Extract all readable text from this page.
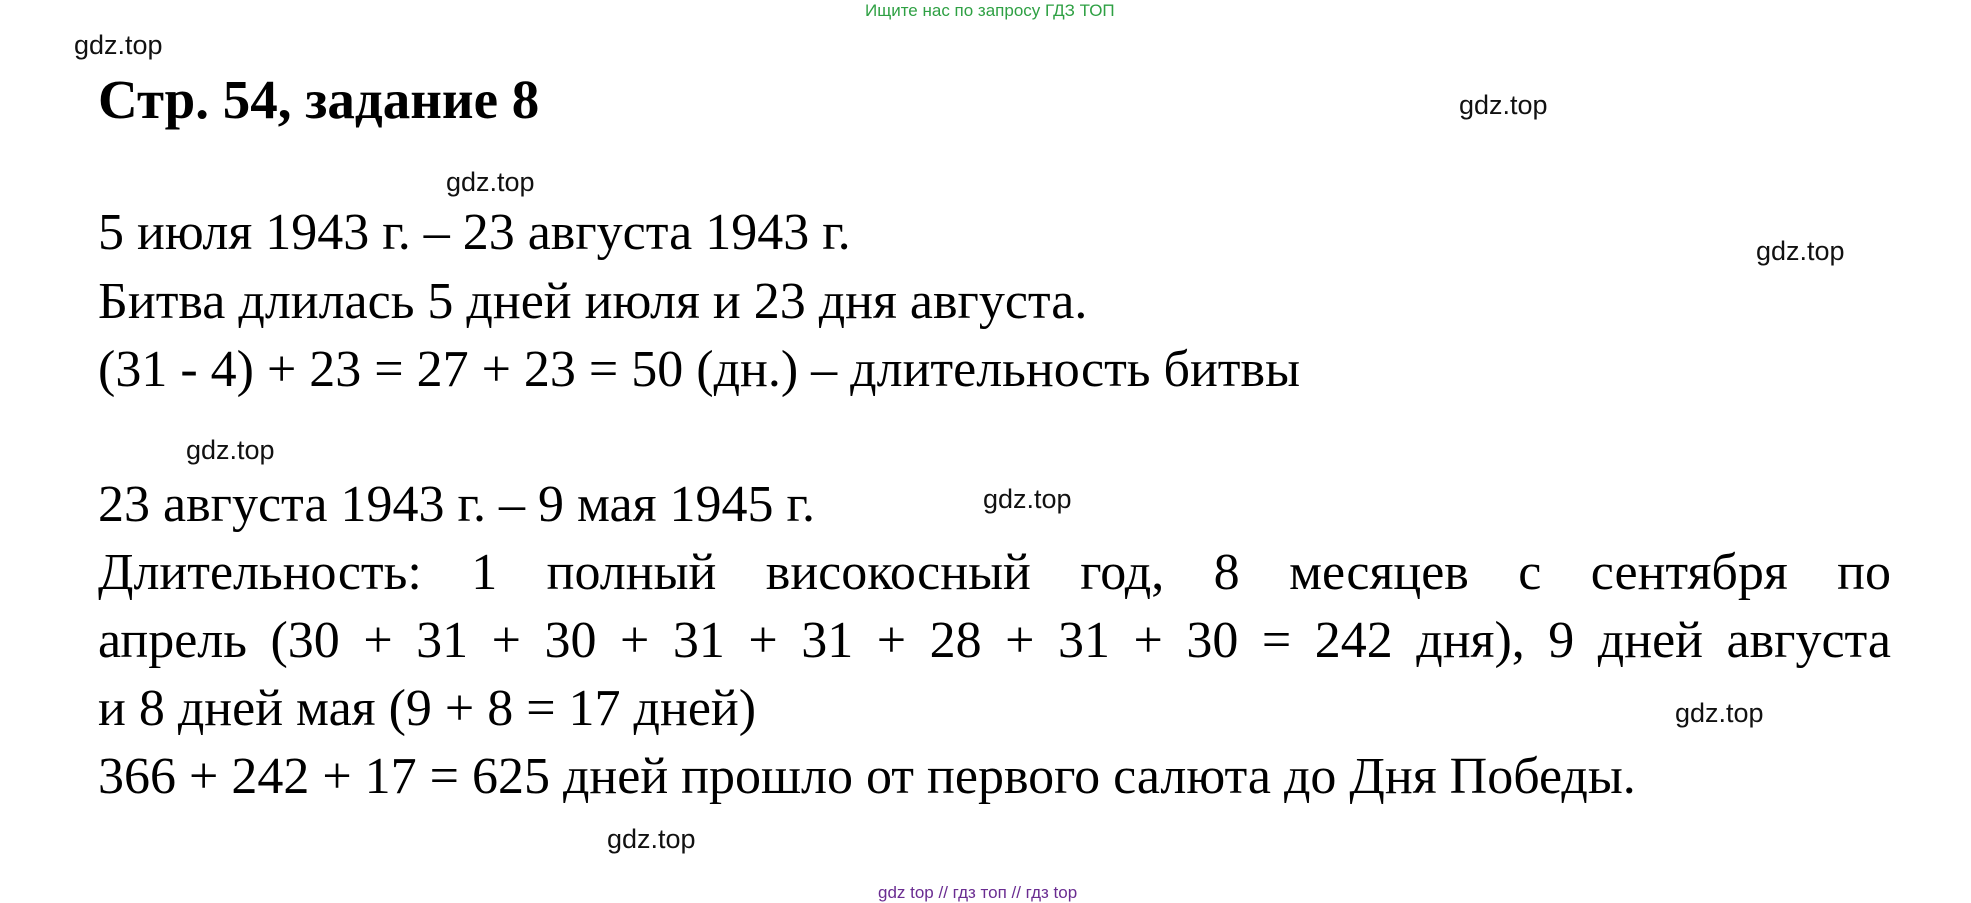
Ищите нас по запросу ГДЗ ТОП
gdz.top
gdz.top
gdz.top
gdz.top
gdz.top
gdz.top
gdz.top
gdz.top
Стр. 54, задание 8
5 июля 1943 г. – 23 августа 1943 г.
Битва длилась 5 дней июля и 23 дня августа.
(31 - 4) + 23 = 27 + 23 = 50 (дн.) – длительность битвы
23 августа 1943 г. – 9 мая 1945 г.
Длительность: 1 полный високосный год, 8 месяцев с сентября по
апрель (30 + 31 + 30 + 31 + 31 + 28 + 31 + 30 = 242 дня), 9 дней августа
и 8 дней мая (9 + 8 = 17 дней)
366 + 242 + 17 = 625 дней прошло от первого салюта до Дня Победы.
gdz top // гдз топ // гдз top
